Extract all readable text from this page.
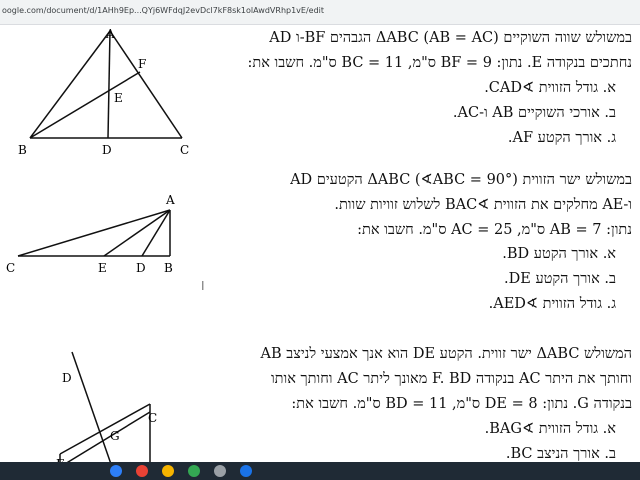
oogle.com/document/d/1AHh9Ep...QYj6WFdqJ2evDcl7kF8sk1olAwdVRhp1vE/edit
במשולש שווה השוקיים ΔABC (AB = AC) הגבהים BF-ו AD
נחתכים בנקודה E. נתון: BF = 9 ס"מ, BC = 11 ס"מ. חשבו את:
א. גודל הזווית ∢CAD.
ב. אורכי השוקיים AB ו-AC.
ג. אורך הקטע AF.
A
B	C
D
E
F
במשולש ישר הזווית ΔABC (∢ABC = 90°) הקטעים AD
ו-AE מחלקים את הזווית ∢BAC לשלוש זוויות שוות.
נתון: AB = 7 ס"מ, AC = 25 ס"מ. חשבו את:
א. אורך הקטע BD.
ב. אורך הקטע DE.
ג. גודל הזווית ∢AED.
A
C	E D B
I
המשולש ΔABC ישר זווית. הקטע DE הוא אנך אמצעי לניצב AB
וחותך את היתר AC בנקודה F. BD מאונך ליתר AC וחותך אותו
בנקודה G. נתון: DE = 8 ס"מ, BD = 11 ס"מ. חשבו את:
א. גודל הזווית ∢BAG.
ב. אורך הניצב BC.
D
C
G
